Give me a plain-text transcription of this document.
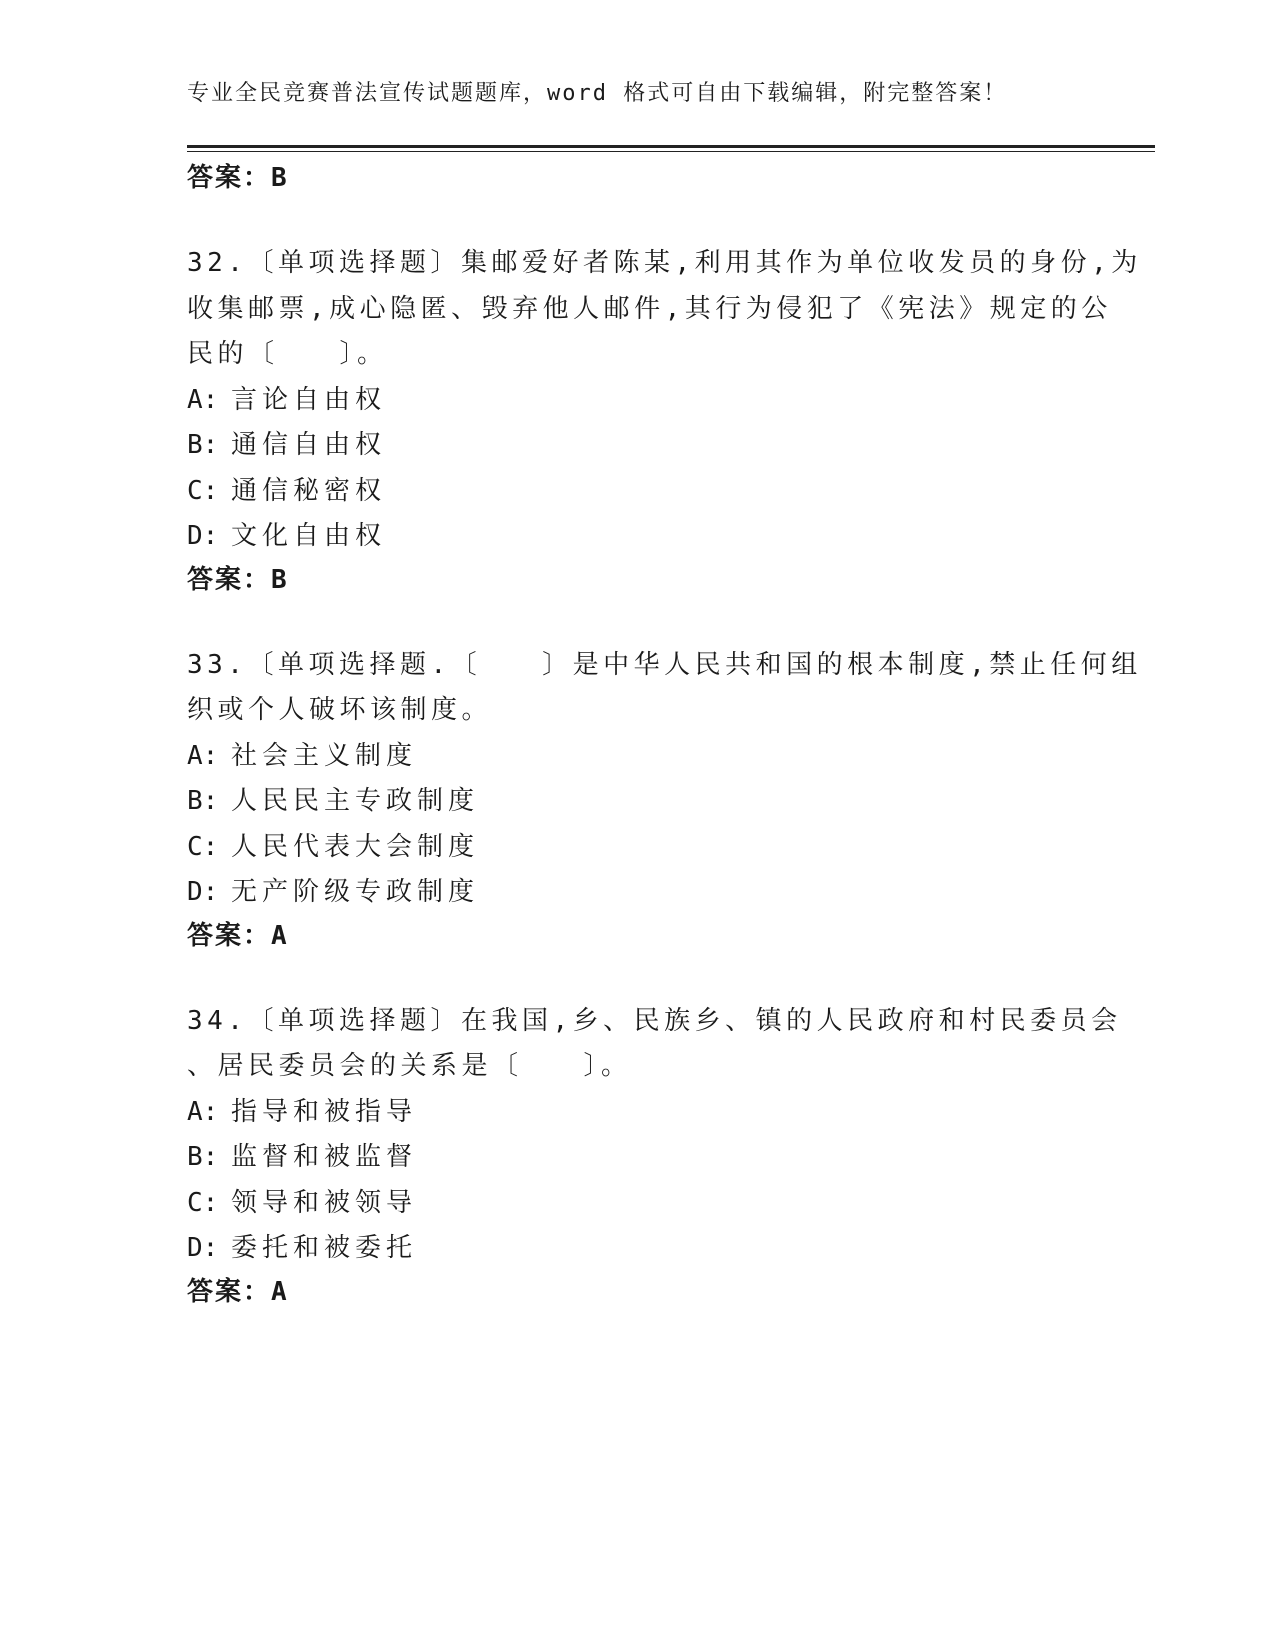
专业全民竞赛普法宣传试题题库，word 格式可自由下载编辑，附完整答案！
答案：B
32.〔单项选择题〕集邮爱好者陈某,利用其作为单位收发员的身份,为
收集邮票,成心隐匿、毁弃他人邮件,其行为侵犯了《宪法》规定的公
民的〔　　〕。
A: 言论自由权
B: 通信自由权
C: 通信秘密权
D: 文化自由权
答案：B
33.〔单项选择题.〔　　〕是中华人民共和国的根本制度,禁止任何组
织或个人破坏该制度。
A: 社会主义制度
B: 人民民主专政制度
C: 人民代表大会制度
D: 无产阶级专政制度
答案：A
34.〔单项选择题〕在我国,乡、民族乡、镇的人民政府和村民委员会
、居民委员会的关系是〔　　〕。
A: 指导和被指导
B: 监督和被监督
C: 领导和被领导
D: 委托和被委托
答案：A
